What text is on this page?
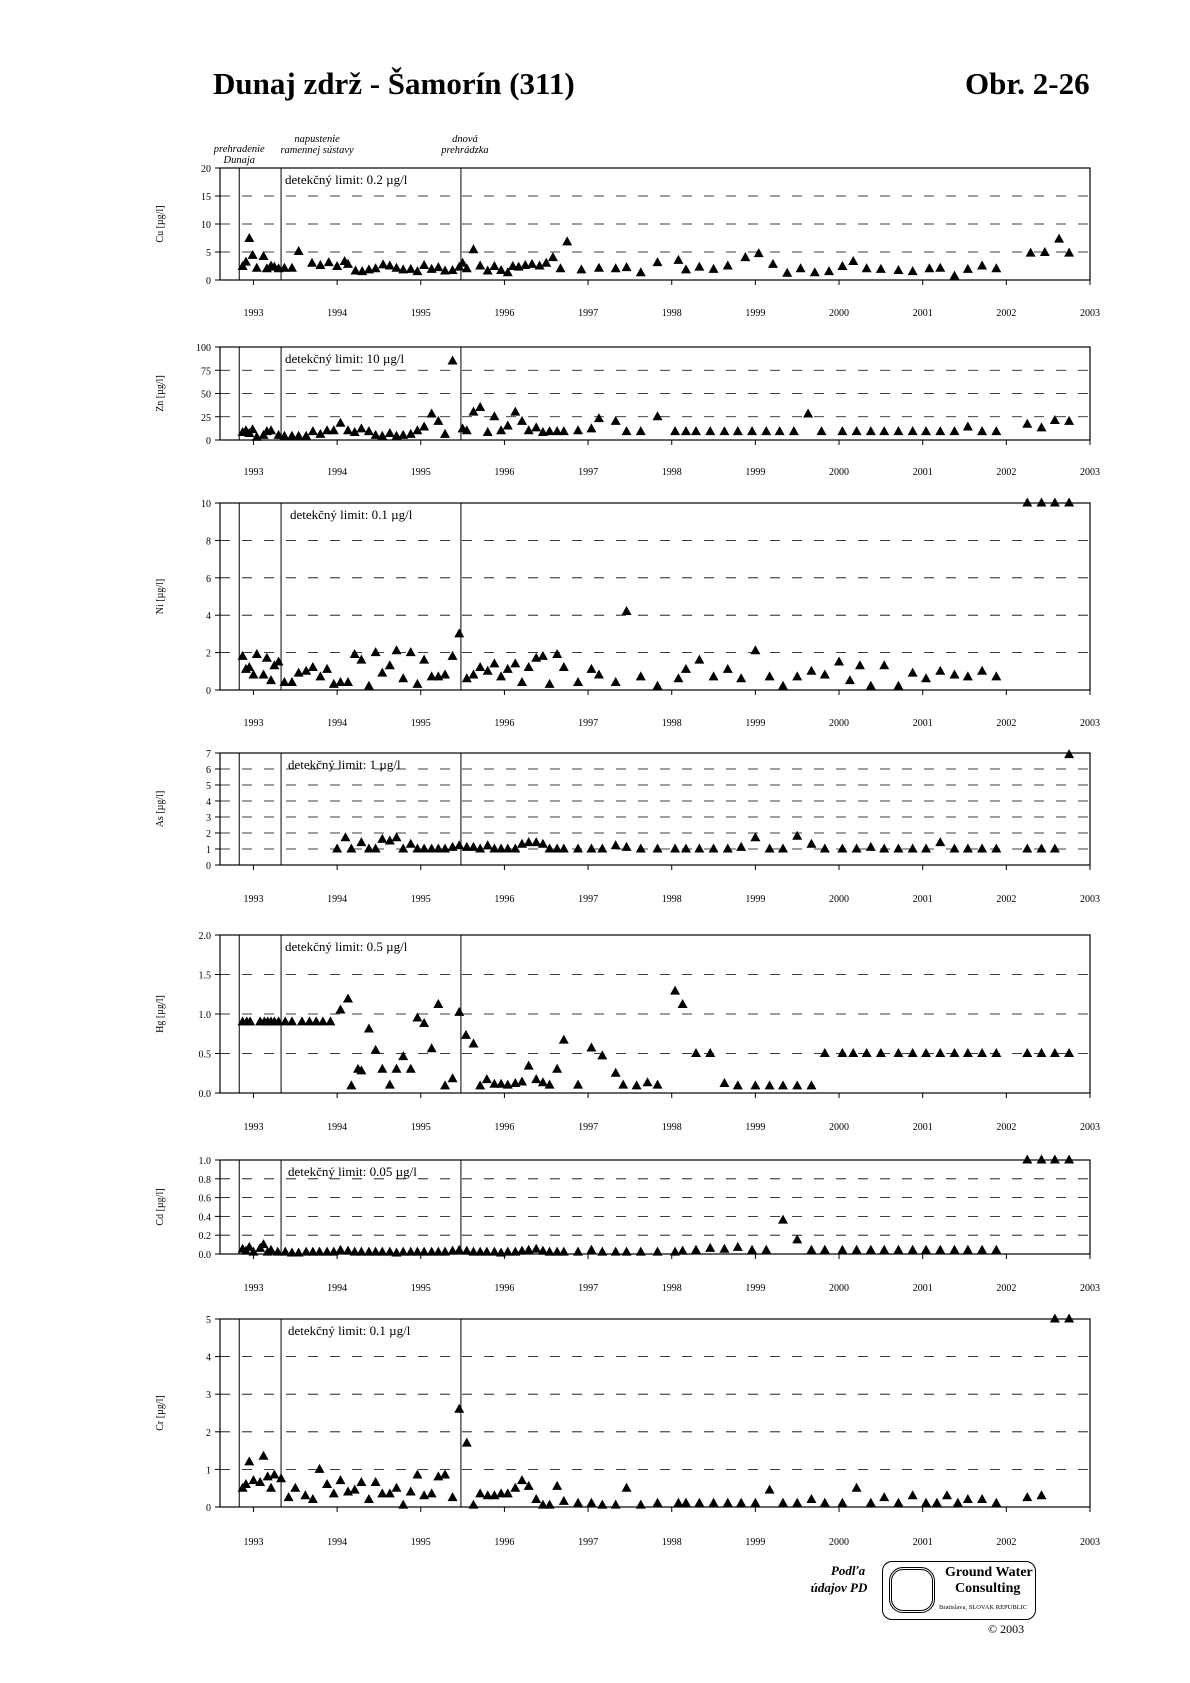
Dunaj zdrž - Šamorín (311)	Obr. 2-26
0
5
10
15
20
1993	1994	1995	1996	1997	1998	1999	2000	2001	2002	2003
Cu [µg/l]
detekčný limit: 0.2 µg/l
0
25
50
75
100
1993	1994	1995	1996	1997	1998	1999	2000	2001	2002	2003
Zn [µg/l]
detekčný limit: 10 µg/l
0
2
4
6
8
10
1993	1994	1995	1996	1997	1998	1999	2000	2001	2002	2003
Ni [µg/l]
detekčný limit: 0.1 µg/l
0
1
2
3
4
5
6
7
1993	1994	1995	1996	1997	1998	1999	2000	2001	2002	2003
As [µg/l]
detekčný limit: 1 µg/l
0.0
0.5
1.0
1.5
2.0
1993	1994	1995	1996	1997	1998	1999	2000	2001	2002	2003
Hg [µg/l]
detekčný limit: 0.5 µg/l
0.0
0.2
0.4
0.6
0.8
1.0
1993	1994	1995	1996	1997	1998	1999	2000	2001	2002	2003
Cd [µg/l]
detekčný limit: 0.05 µg/l
0
1
2
3
4
5
1993	1994	1995	1996	1997	1998	1999	2000	2001	2002	2003
Cr [µg/l]
detekčný limit: 0.1 µg/l
prehradenie
Dunaja
napustenie
ramennej sústavy
dnová
prehrádzka
Podľa
údajov PD
Ground Water
Consulting
Bratislava, SLOVAK REPUBLIC
© 2003
